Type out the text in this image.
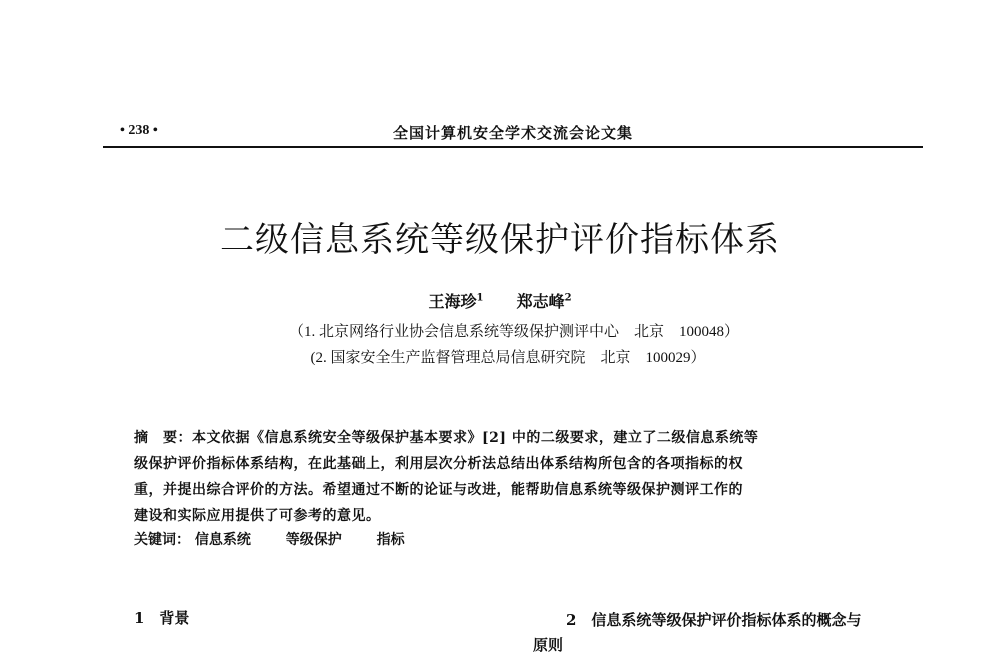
• 238 •	全国计算机安全学术交流会论文集
二级信息系统等级保护评价指标体系
王海珍$^1$ 郑志峰$^2$
（1. 北京网络行业协会信息系统等级保护测评中心　北京　100048）
(2. 国家安全生产监督管理总局信息研究院　北京　100029）
摘　要：本文依据《信息系统安全等级保护基本要求》[2] 中的二级要求，建立了二级信息系统等
级保护评价指标体系结构，在此基础上，利用层次分析法总结出体系结构所包含的各项指标的权
重，并提出综合评价的方法。希望通过不断的论证与改进，能帮助信息系统等级保护测评工作的
建设和实际应用提供了可参考的意见。
关键词： 信息系统 等级保护 指标
1　背景	2　信息系统等级保护评价指标体系的概念与
原则
